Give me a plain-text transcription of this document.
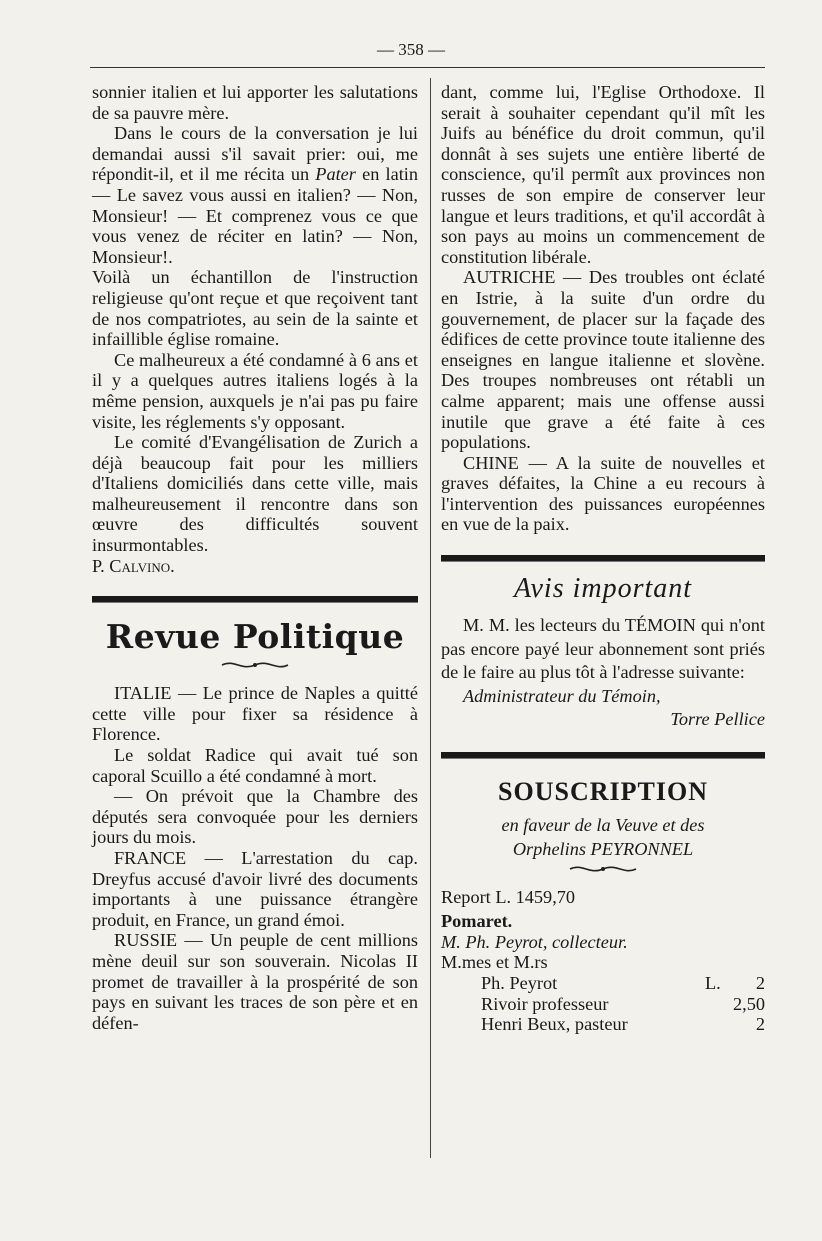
— 358 —

sonnier italien et lui apporter les salutations de sa pauvre mère.

Dans le cours de la conversation je lui demandai aussi s'il savait prier: oui, me répondit-il, et il me récita un Pater en latin — Le savez vous aussi en italien? — Non, Monsieur! — Et comprenez vous ce que vous venez de réciter en latin? — Non, Monsieur!.

Voilà un échantillon de l'instruction religieuse qu'ont reçue et que reçoivent tant de nos compatriotes, au sein de la sainte et infaillible église romaine.

Ce malheureux a été condamné à 6 ans et il y a quelques autres italiens logés à la même pension, auxquels je n'ai pas pu faire visite, les réglements s'y opposant.

Le comité d'Evangélisation de Zurich a déjà beaucoup fait pour les milliers d'Italiens domiciliés dans cette ville, mais malheureusement il rencontre dans son œuvre des difficultés souvent insurmontables.

P. Calvino.

Revue Politique

ITALIE — Le prince de Naples a quitté cette ville pour fixer sa résidence à Florence.

Le soldat Radice qui avait tué son caporal Scuillo a été condamné à mort.

— On prévoit que la Chambre des députés sera convoquée pour les derniers jours du mois.

FRANCE — L'arrestation du cap. Dreyfus accusé d'avoir livré des documents importants à une puissance étrangère produit, en France, un grand émoi.

RUSSIE — Un peuple de cent millions mène deuil sur son souverain. Nicolas II promet de travailler à la prospérité de son pays en suivant les traces de son père et en défen-

dant, comme lui, l'Eglise Orthodoxe. Il serait à souhaiter cependant qu'il mît les Juifs au bénéfice du droit commun, qu'il donnât à ses sujets une entière liberté de conscience, qu'il permît aux provinces non russes de son empire de conserver leur langue et leurs traditions, et qu'il accordât à son pays au moins un commencement de constitution libérale.

AUTRICHE — Des troubles ont éclaté en Istrie, à la suite d'un ordre du gouvernement, de placer sur la façade des édifices de cette province toute italienne des enseignes en langue italienne et slovène. Des troupes nombreuses ont rétabli un calme apparent; mais une offense aussi inutile que grave a été faite à ces populations.

CHINE — A la suite de nouvelles et graves défaites, la Chine a eu recours à l'intervention des puissances européennes en vue de la paix.

Avis important

M. M. les lecteurs du TÉMOIN qui n'ont pas encore payé leur abonnement sont priés de le faire au plus tôt à l'adresse suivante:

Administrateur du Témoin,

Torre Pellice

SOUSCRIPTION
en faveur de la Veuve et des
Orphelins PEYRONNEL

Report L. 1459,70

Pomaret.

M. Ph. Peyrot, collecteur.

M.mes et M.rs

Ph. Peyrot	L.	2
Rivoir professeur	2,50
Henri Beux, pasteur	2
